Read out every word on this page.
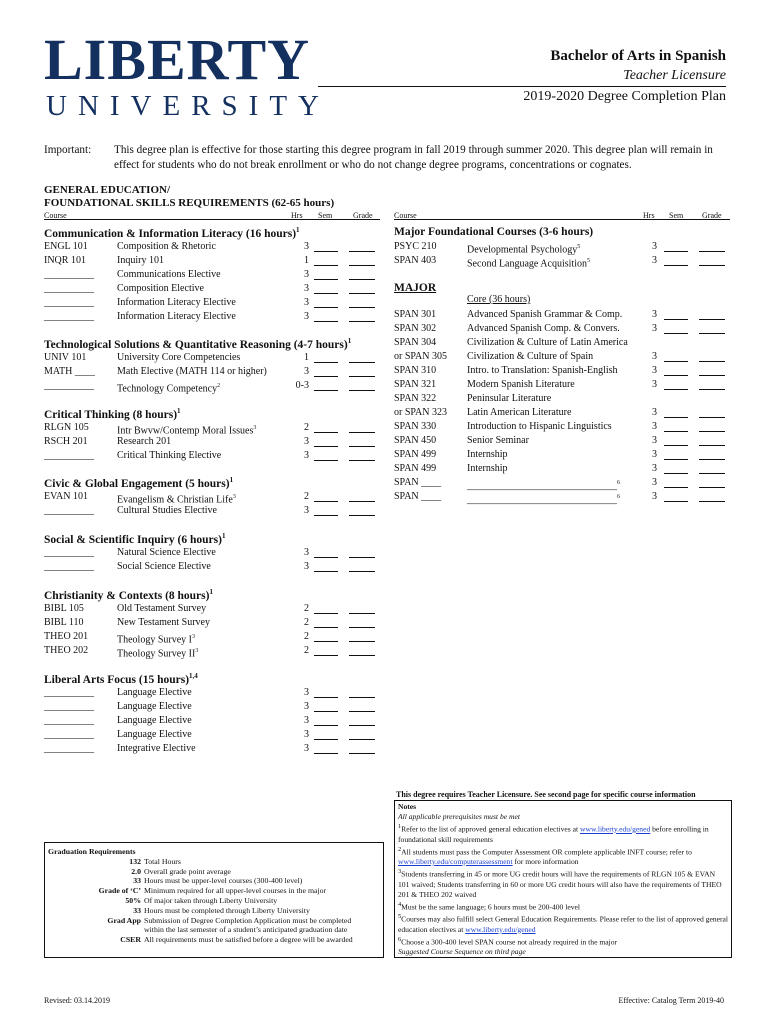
LIBERTY
UNIVERSITY
Bachelor of Arts in Spanish
Teacher Licensure
2019-2020 Degree Completion Plan
Important: This degree plan is effective for those starting this degree program in fall 2019 through summer 2020. This degree plan will remain in effect for students who do not break enrollment or who do not change degree programs, concentrations or cognates.
GENERAL EDUCATION/
FOUNDATIONAL SKILLS REQUIREMENTS (62-65 hours)
Course	Hrs Sem	Grade	Course	Hrs Sem Grade
Communication & Information Literacy (16 hours)$^1$
ENGL 101	Composition & Rhetoric	3
INQR 101	Inquiry 101	1
__________ Communications Elective	3
__________ Composition Elective	3
__________ Information Literacy Elective	3
__________ Information Literacy Elective	3
Technological Solutions & Quantitative Reasoning (4-7 hours)$^1$
UNIV 101	University Core Competencies	1
MATH ____ Math Elective (MATH 114 or higher)	3
__________ Technology Competency$^2$	0-3
Critical Thinking (8 hours)$^1$
RLGN 105	Intr Bwvw/Contemp Moral Issues$^3$	2
RSCH 201	Research 201	3
__________ Critical Thinking Elective	3
Civic & Global Engagement (5 hours)$^1$
EVAN 101	Evangelism & Christian Life$^3$	2
__________ Cultural Studies Elective	3
Social & Scientific Inquiry (6 hours)$^1$
__________ Natural Science Elective	3
__________ Social Science Elective	3
Christianity & Contexts (8 hours)$^1$
BIBL 105	Old Testament Survey	2
BIBL 110	New Testament Survey	2
THEO 201	Theology Survey $I^3$	2
THEO 202	Theology Survey $II^3$	2
Liberal Arts Focus (15 hours)$^{1,4}$
__________ Language Elective	3
__________ Language Elective	3
__________ Language Elective	3
__________ Language Elective	3
__________ Integrative Elective	3
Major Foundational Courses (3-6 hours)
PSYC 210	Developmental Psychology$^5$	3
SPAN 403	Second Language Acquisition$^5$	3
MAJOR
Core (36 hours)
SPAN 301	Advanced Spanish Grammar & Comp.	3
SPAN 302	Advanced Spanish Comp. & Convers.	3
SPAN 304	Civilization & Culture of Latin America
or SPAN 305 Civilization & Culture of Spain	3
SPAN 310	Intro. to Translation: Spanish-English	3
SPAN 321	Modern Spanish Literature	3
SPAN 322	Peninsular Literature
or SPAN 323 Latin American Literature	3
SPAN 330	Introduction to Hispanic Linguistics	3
SPAN 450	Senior Seminar	3
SPAN 499	Internship	3
SPAN 499	Internship	3
SPAN ____	______________________________$^6$	3
SPAN ____	______________________________$^6$	3
This degree requires Teacher Licensure. See second page for specific course information
Notes
All applicable prerequisites must be met
$^1$Refer to the list of approved general education electives at www.liberty.edu/gened before enrolling in foundational skill requirements
$^2$All students must pass the Computer Assessment OR complete applicable INFT course; refer to www.liberty.edu/computerassessment for more information
$^3$Students transferring in 45 or more UG credit hours will have the requirements of RLGN 105 & EVAN 101 waived; Students transferring in 60 or more UG credit hours will also have the requirements of THEO 201 & THEO 202 waived
$^4$Must be the same language; 6 hours must be 200-400 level
$^5$Courses may also fulfill select General Education Requirements. Please refer to the list of approved general education electives at www.liberty.edu/gened
$^6$Choose a 300-400 level SPAN course not already required in the major
Suggested Course Sequence on third page
Graduation Requirements
132 Total Hours
2.0 Overall grade point average
33 Hours must be upper-level courses (300-400 level)
Grade of ‘C’ Minimum required for all upper-level courses in the major
50% Of major taken through Liberty University
33 Hours must be completed through Liberty University
Grad App Submission of Degree Completion Application must be completed
within the last semester of a student’s anticipated graduation date
CSER All requirements must be satisfied before a degree will be awarded
Revised: 03.14.2019	Effective: Catalog Term 2019-40
